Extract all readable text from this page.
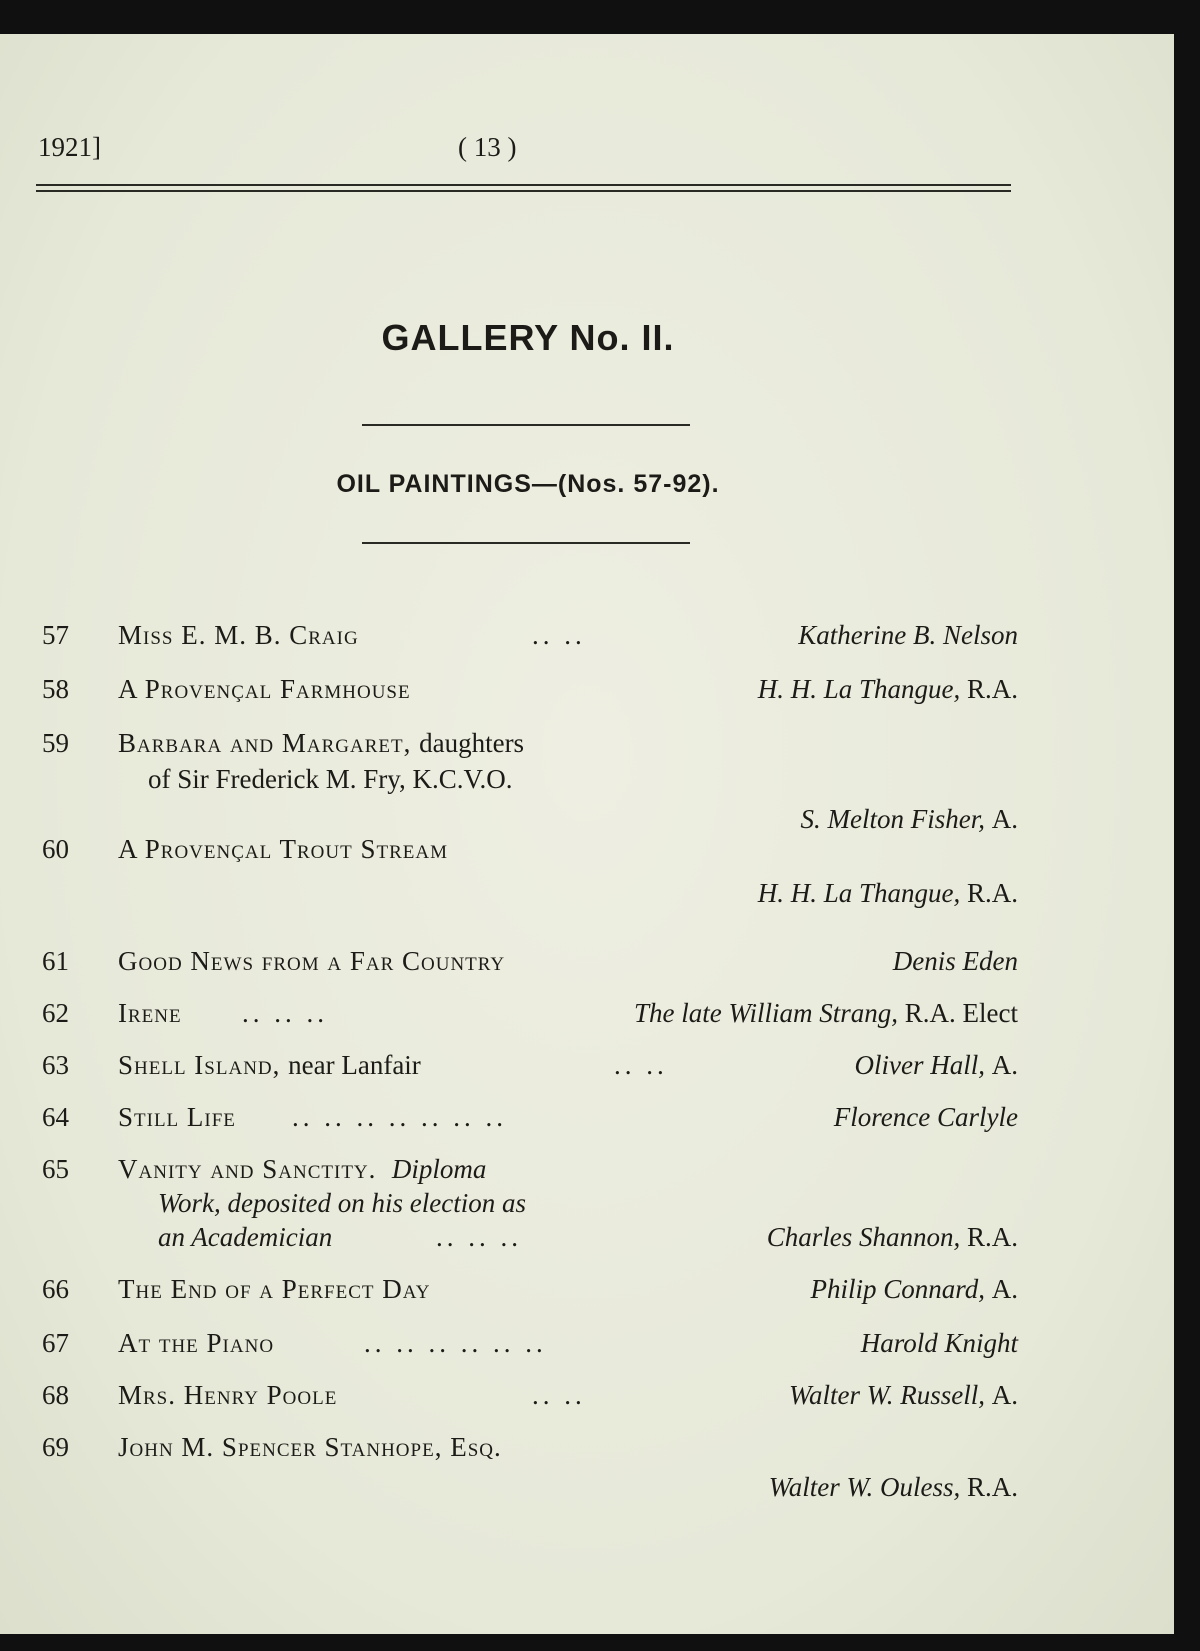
1921]	( 13 )
GALLERY No. II.
OIL PAINTINGS—(Nos. 57-92).
57 Miss E. M. B. Craig	.. ..	Katherine B. Nelson
58 A Provençal Farmhouse	H. H. La Thangue, R.A.
59 Barbara and Margaret, daughters
of Sir Frederick M. Fry, K.C.V.O.
S. Melton Fisher, A.
60 A Provençal Trout Stream
H. H. La Thangue, R.A.
61 Good News from a Far Country	Denis Eden
62 Irene .. .. ..	The late William Strang, R.A. Elect
63 Shell Island, near Lanfair	.. ..	Oliver Hall, A.
64 Still Life .. .. .. .. .. .. ..	Florence Carlyle
65 Vanity and Sanctity. Diploma
Work, deposited on his election as
an Academician	.. .. ..	Charles Shannon, R.A.
66 The End of a Perfect Day	Philip Connard, A.
67 At the Piano	.. .. .. .. .. ..	Harold Knight
68 Mrs. Henry Poole	.. ..	Walter W. Russell, A.
69 John M. Spencer Stanhope, Esq.
Walter W. Ouless, R.A.
